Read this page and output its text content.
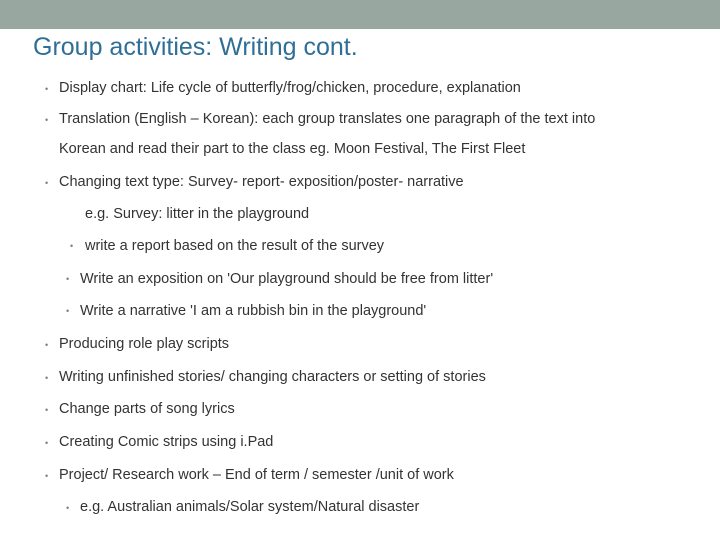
Group activities: Writing cont.
•
•
•
•
•
•
•
•
•
•
•
•
Display chart: Life cycle of butterfly/frog/chicken, procedure, explanation
Translation (English – Korean): each group translates one paragraph of the text into
Korean and read their part to the class eg. Moon Festival, The First Fleet
Changing text type: Survey- report- exposition/poster- narrative
e.g. Survey: litter in the playground
write a report based on the result of the survey
Write an exposition on 'Our playground should be free from litter'
Write a narrative 'I am a rubbish bin in the playground'
Producing role play scripts
Writing unfinished stories/ changing characters or setting of stories
Change parts of song lyrics
Creating Comic strips using i.Pad
Project/ Research work – End of term / semester /unit of work
e.g. Australian animals/Solar system/Natural disaster
